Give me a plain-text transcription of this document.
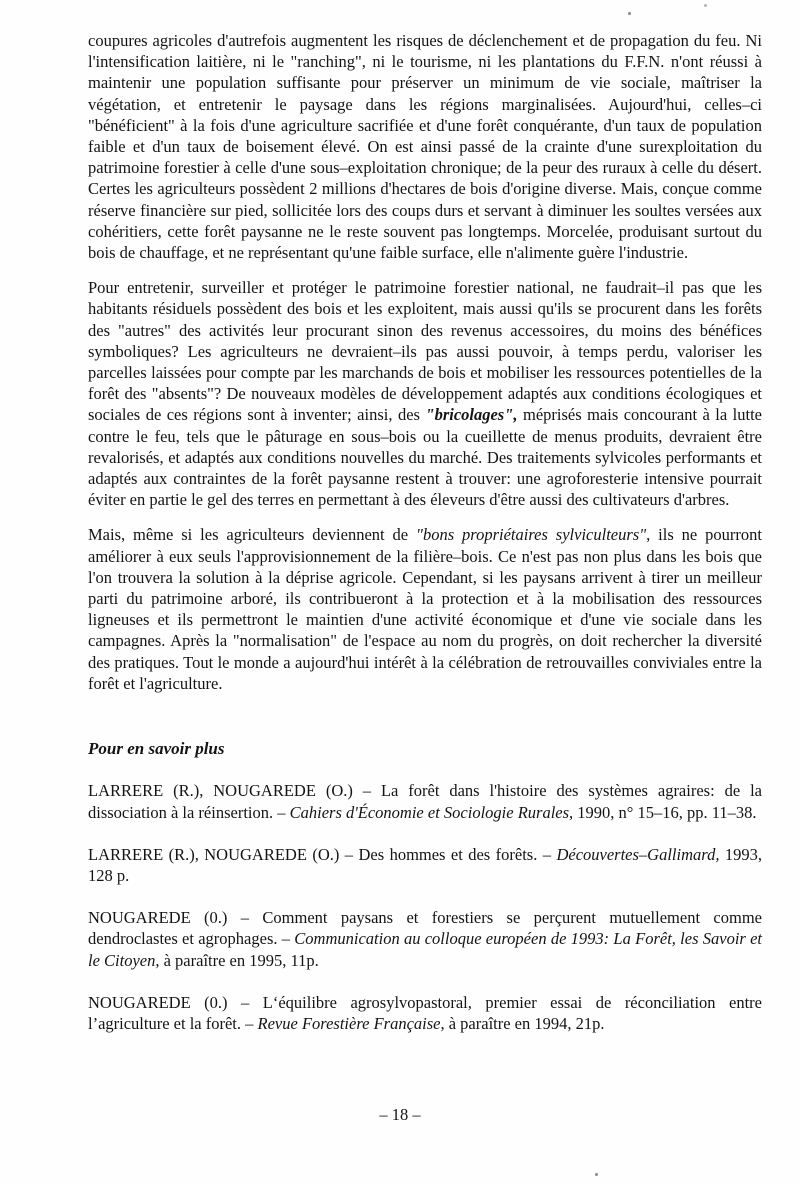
coupures agricoles d'autrefois augmentent les risques de déclenchement et de propagation du feu. Ni l'intensification laitière, ni le "ranching", ni le tourisme, ni les plantations du F.F.N. n'ont réussi à maintenir une population suffisante pour préserver un minimum de vie sociale, maîtriser la végétation, et entretenir le paysage dans les régions marginalisées. Aujourd'hui, celles–ci "bénéficient" à la fois d'une agriculture sacrifiée et d'une forêt conquérante, d'un taux de population faible et d'un taux de boisement élevé. On est ainsi passé de la crainte d'une surexploitation du patrimoine forestier à celle d'une sous–exploitation chronique; de la peur des ruraux à celle du désert. Certes les agriculteurs possèdent 2 millions d'hectares de bois d'origine diverse. Mais, conçue comme réserve financière sur pied, sollicitée lors des coups durs et servant à diminuer les soultes versées aux cohéritiers, cette forêt paysanne ne le reste souvent pas longtemps. Morcelée, produisant surtout du bois de chauffage, et ne représentant qu'une faible surface, elle n'alimente guère l'industrie.

Pour entretenir, surveiller et protéger le patrimoine forestier national, ne faudrait–il pas que les habitants résiduels possèdent des bois et les exploitent, mais aussi qu'ils se procurent dans les forêts des "autres" des activités leur procurant sinon des revenus accessoires, du moins des bénéfices symboliques? Les agriculteurs ne devraient–ils pas aussi pouvoir, à temps perdu, valoriser les parcelles laissées pour compte par les marchands de bois et mobiliser les ressources potentielles de la forêt des "absents"? De nouveaux modèles de développement adaptés aux conditions écologiques et sociales de ces régions sont à inventer; ainsi, des "bricolages", méprisés mais concourant à la lutte contre le feu, tels que le pâturage en sous–bois ou la cueillette de menus produits, devraient être revalorisés, et adaptés aux conditions nouvelles du marché. Des traitements sylvicoles performants et adaptés aux contraintes de la forêt paysanne restent à trouver: une agroforesterie intensive pourrait éviter en partie le gel des terres en permettant à des éleveurs d'être aussi des cultivateurs d'arbres.

Mais, même si les agriculteurs deviennent de "bons propriétaires sylviculteurs", ils ne pourront améliorer à eux seuls l'approvisionnement de la filière–bois. Ce n'est pas non plus dans les bois que l'on trouvera la solution à la déprise agricole. Cependant, si les paysans arrivent à tirer un meilleur parti du patrimoine arboré, ils contribueront à la protection et à la mobilisation des ressources ligneuses et ils permettront le maintien d'une activité économique et d'une vie sociale dans les campagnes. Après la "normalisation" de l'espace au nom du progrès, on doit rechercher la diversité des pratiques. Tout le monde a aujourd'hui intérêt à la célébration de retrouvailles conviviales entre la forêt et l'agriculture.

Pour en savoir plus

LARRERE (R.), NOUGAREDE (O.) – La forêt dans l'histoire des systèmes agraires: de la dissociation à la réinsertion. – Cahiers d'Économie et Sociologie Rurales, 1990, n° 15–16, pp. 11–38.

LARRERE (R.), NOUGAREDE (O.) – Des hommes et des forêts. – Découvertes–Gallimard, 1993, 128 p.

NOUGAREDE (0.) – Comment paysans et forestiers se perçurent mutuellement comme dendroclastes et agrophages. – Communication au colloque européen de 1993: La Forêt, les Savoir et le Citoyen, à paraître en 1995, 11p.

NOUGAREDE (0.) – L‘équilibre agrosylvopastoral, premier essai de réconciliation entre l’agriculture et la forêt. – Revue Forestière Française, à paraître en 1994, 21p.

– 18 –
